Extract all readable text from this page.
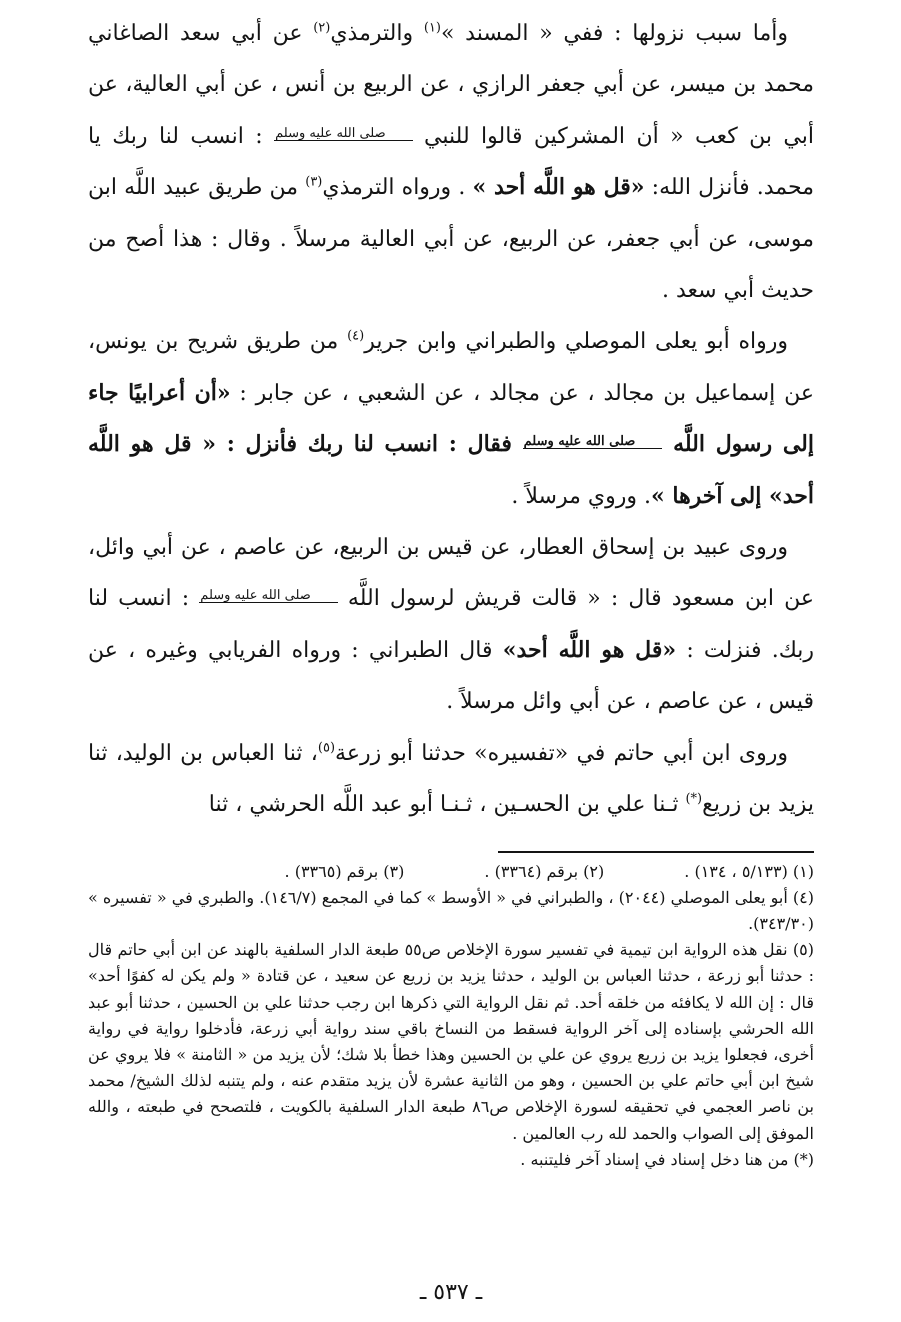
وأما سبب نزولها : ففي « المسند »$^{(١)}$ والترمذي$^{(٢)}$ عن أبي سعد الصاغاني محمد بن ميسر، عن أبي جعفر الرازي ، عن الربيع بن أنس ، عن أبي العالية، عن أبي بن كعب « أن المشركين قالوا للنبي صلى الله عليه وسلم : انسب لنا ربك يا محمد. فأنزل الله: «قل هو اللَّه أحد » . ورواه الترمذي$^{(٣)}$ من طريق عبيد اللَّه ابن موسى، عن أبي جعفر، عن الربيع، عن أبي العالية مرسلاً . وقال : هذا أصح من حديث أبي سعد .

ورواه أبو يعلى الموصلي والطبراني وابن جرير$^{(٤)}$ من طريق شريح بن يونس، عن إسماعيل بن مجالد ، عن مجالد ، عن الشعبي ، عن جابر : «أن أعرابيًا جاء إلى رسول اللَّه صلى الله عليه وسلم فقال : انسب لنا ربك فأنزل : « قل هو اللَّه أحد» إلى آخرها ». وروي مرسلاً .

وروى عبيد بن إسحاق العطار، عن قيس بن الربيع، عن عاصم ، عن أبي وائل، عن ابن مسعود قال : « قالت قريش لرسول اللَّه صلى الله عليه وسلم : انسب لنا ربك. فنزلت : «قل هو اللَّه أحد» قال الطبراني : ورواه الفريابي وغيره ، عن قيس ، عن عاصم ، عن أبي وائل مرسلاً .

وروى ابن أبي حاتم في «تفسيره» حدثنا أبو زرعة$^{(٥)}$، ثنا العباس بن الوليد، ثنا يزيد بن زريع(*) ثـنا علي بن الحسـين ، ثـنـا أبو عبد اللَّه الحرشي ، ثنا

(١) (٥/١٣٣ ، ١٣٤) .
(٢) برقم (٣٣٦٤) .
(٣) برقم (٣٣٦٥) .

(٤) أبو يعلى الموصلي (٢٠٤٤) ، والطبراني في « الأوسط » كما في المجمع (١٤٦/٧). والطبري في « تفسيره » (٣٤٣/٣٠).

(٥) نقل هذه الرواية ابن تيمية في تفسير سورة الإخلاص ص٥٥ طبعة الدار السلفية بالهند عن ابن أبي حاتم قال : حدثنا أبو زرعة ، حدثنا العباس بن الوليد ، حدثنا يزيد بن زريع عن سعيد ، عن قتادة « ولم يكن له كفوًا أحد» قال : إن الله لا يكافئه من خلقه أحد. ثم نقل الرواية التي ذكرها ابن رجب حدثنا علي بن الحسين ، حدثنا أبو عبد الله الحرشي بإسناده إلى آخر الرواية فسقط من النساخ باقي سند رواية أبي زرعة، فأدخلوا رواية في رواية أخرى، فجعلوا يزيد بن زريع يروي عن علي بن الحسين وهذا خطأ بلا شك؛ لأن يزيد من « الثامنة » فلا يروي عن شيخ ابن أبي حاتم علي بن الحسين ، وهو من الثانية عشرة لأن يزيد متقدم عنه ، ولم يتنبه لذلك الشيخ/ محمد بن ناصر العجمي في تحقيقه لسورة الإخلاص ص٨٦ طبعة الدار السلفية بالكويت ، فلتصحح في طبعته ، والله الموفق إلى الصواب والحمد لله رب العالمين .

(*) من هنا دخل إسناد في إسناد آخر فليتنبه .

ـ ٥٣٧ ـ
